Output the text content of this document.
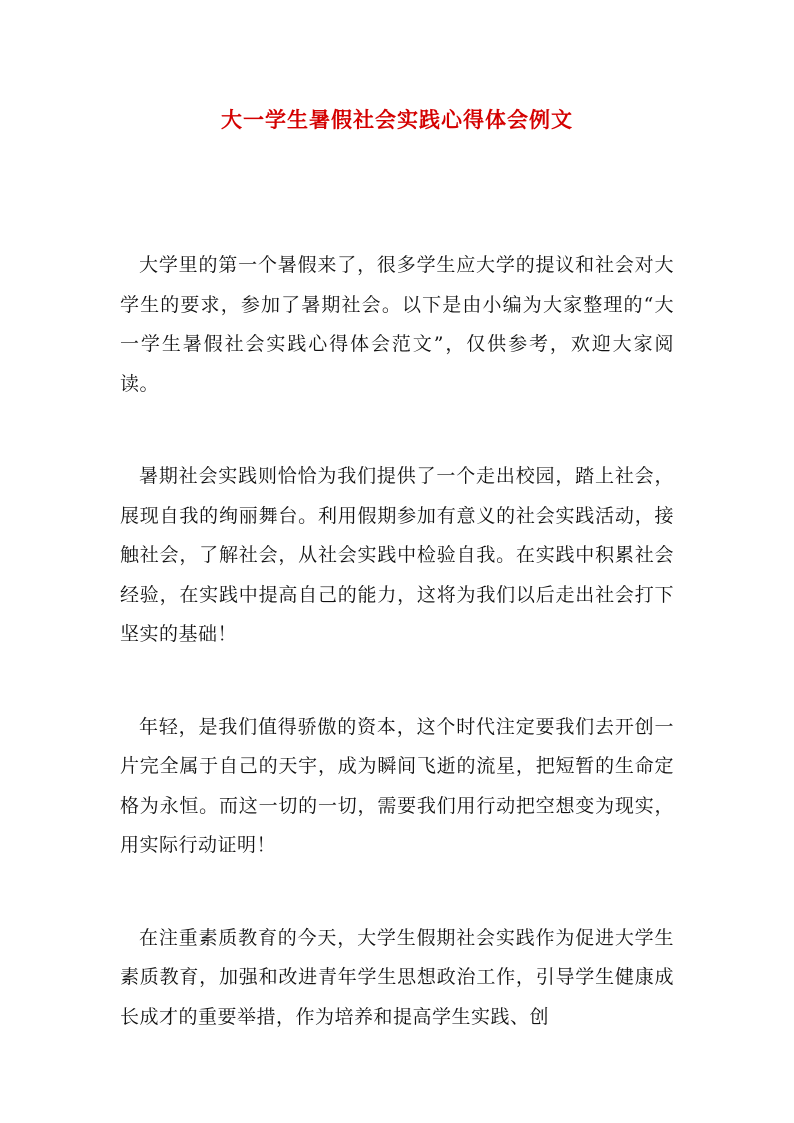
大一学生暑假社会实践心得体会例文

大学里的第一个暑假来了，很多学生应大学的提议和社会对大学生的要求，参加了暑期社会。以下是由小编为大家整理的“大一学生暑假社会实践心得体会范文”，仅供参考，欢迎大家阅读。

暑期社会实践则恰恰为我们提供了一个走出校园，踏上社会，展现自我的绚丽舞台。利用假期参加有意义的社会实践活动，接触社会，了解社会，从社会实践中检验自我。在实践中积累社会经验，在实践中提高自己的能力，这将为我们以后走出社会打下坚实的基础！

年轻，是我们值得骄傲的资本，这个时代注定要我们去开创一片完全属于自己的天宇，成为瞬间飞逝的流星，把短暂的生命定格为永恒。而这一切的一切，需要我们用行动把空想变为现实，用实际行动证明！

在注重素质教育的今天，大学生假期社会实践作为促进大学生素质教育，加强和改进青年学生思想政治工作，引导学生健康成长成才的重要举措，作为培养和提高学生实践、创
